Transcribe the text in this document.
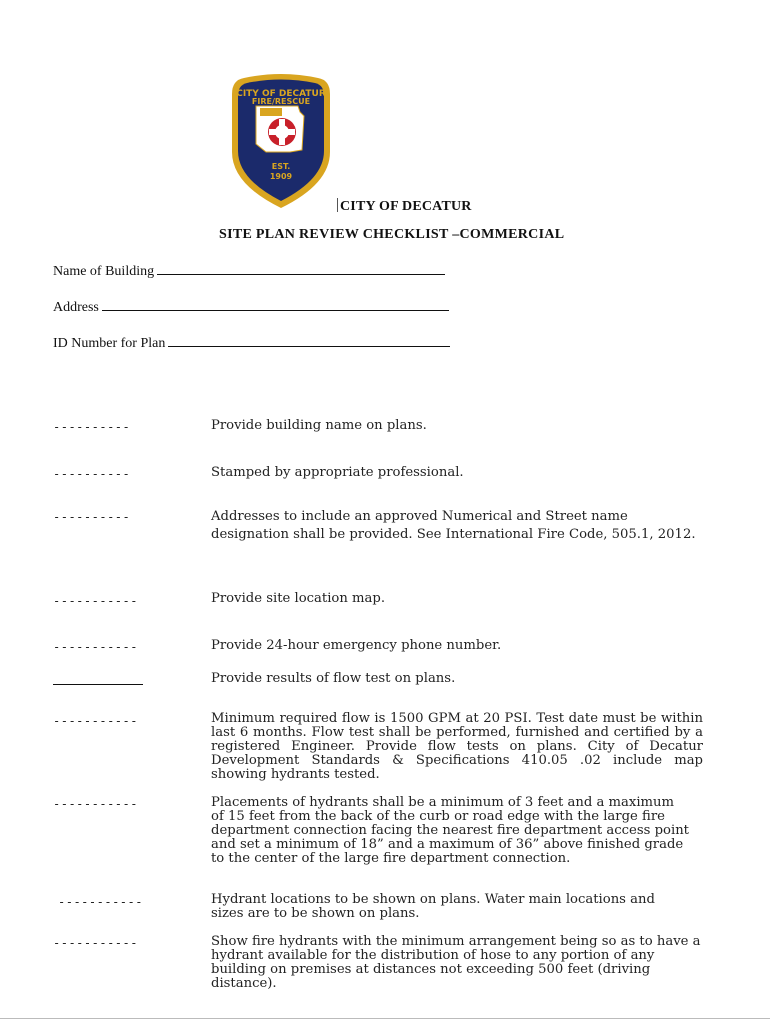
CITY OF DECATUR
FIRE/RESCUE
EST.
1909
CITY OF DECATUR
SITE PLAN REVIEW CHECKLIST –COMMERCIAL
Name of Building
Address
ID Number for Plan
----------
----------
----------
-----------
-----------
-----------
-----------
-----------
-----------
Provide building name on plans.
Stamped by appropriate professional.
Addresses to include an approved Numerical and Street name designation shall be provided. See International Fire Code, 505.1, 2012.
Provide site location map.
Provide 24-hour emergency phone number.
Provide results of flow test on plans.
Minimum required flow is 1500 GPM at 20 PSI. Test date must be within last 6 months. Flow test shall be performed, furnished and certified by a registered Engineer. Provide flow tests on plans. City of Decatur Development Standards & Specifications 410.05 .02 include map showing hydrants tested.
Placements of hydrants shall be a minimum of 3 feet and a maximum of 15 feet from the back of the curb or road edge with the large fire department connection facing the nearest fire department access point and set a minimum of 18” and a maximum of 36” above finished grade to the center of the large fire department connection.
Hydrant locations to be shown on plans. Water main locations and sizes are to be shown on plans.
Show fire hydrants with the minimum arrangement being so as to have a hydrant available for the distribution of hose to any portion of any building on premises at distances not exceeding 500 feet (driving distance).
